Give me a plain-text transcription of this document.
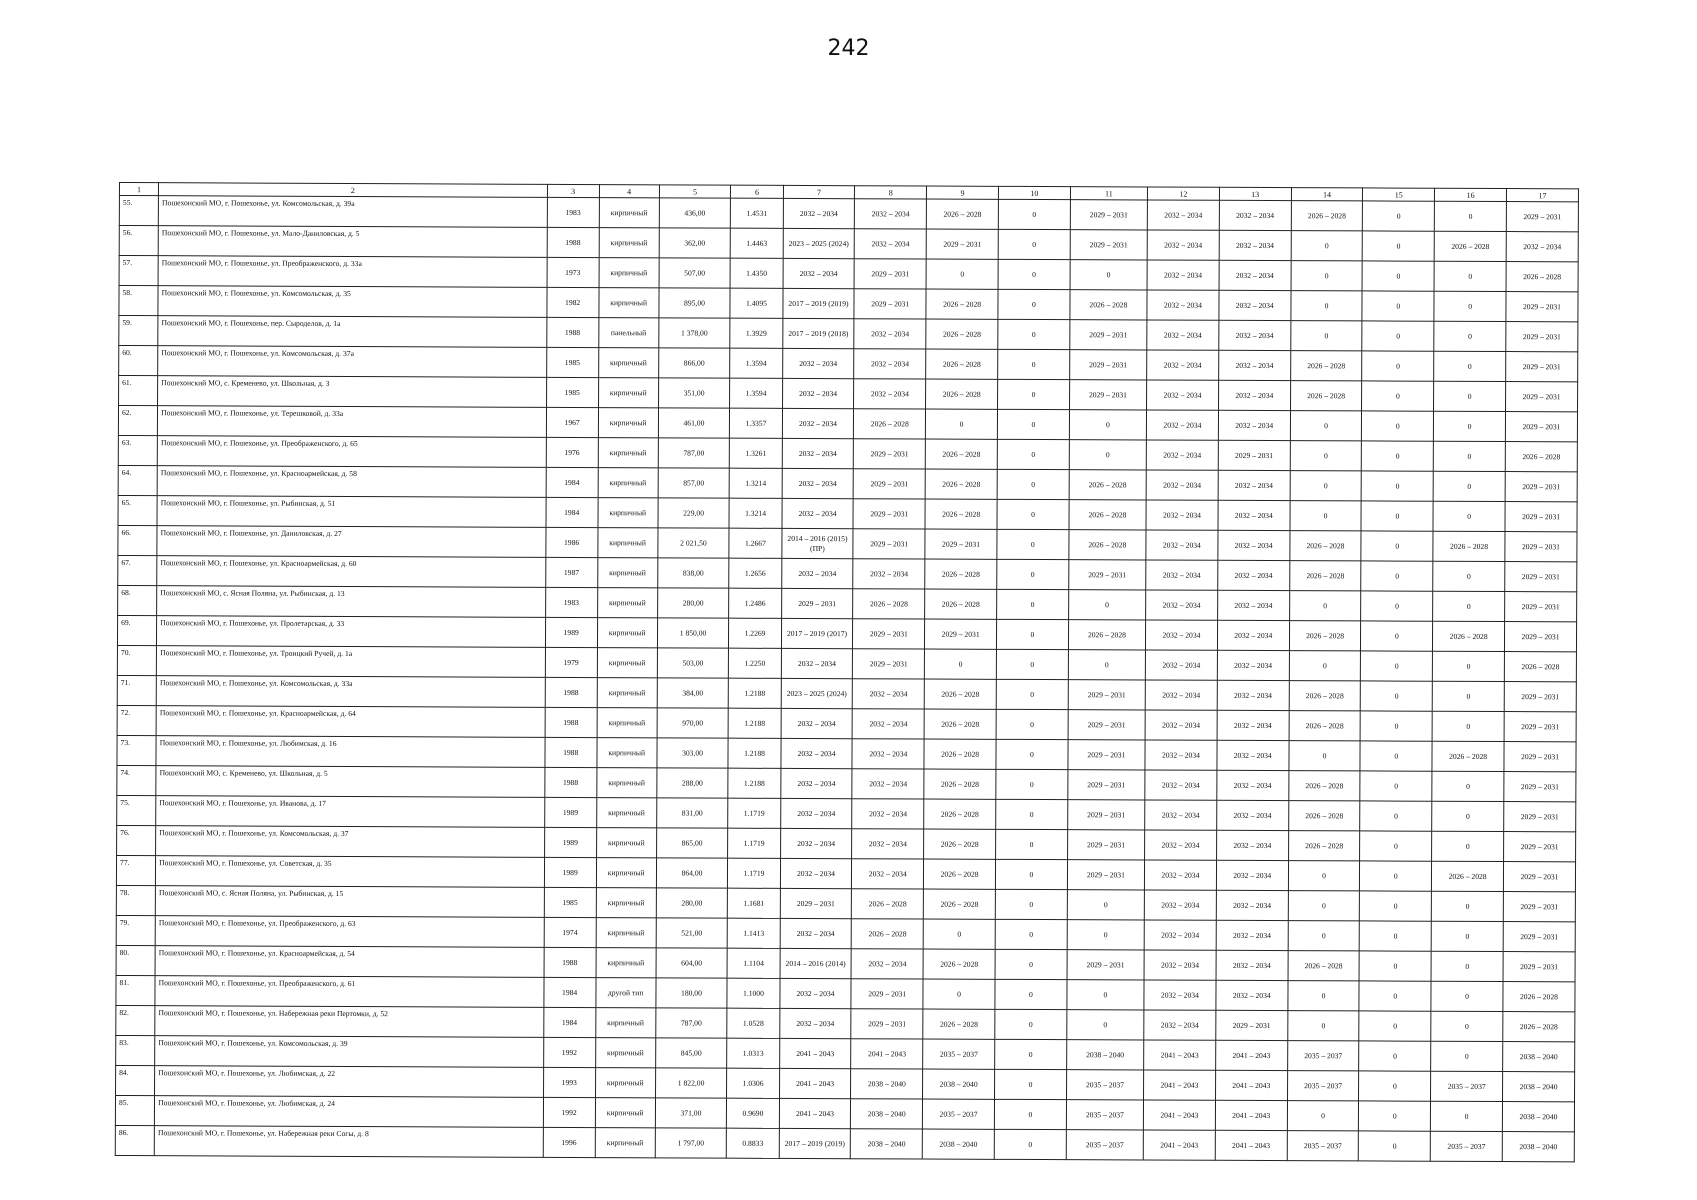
242
1	2	3	4	5	6	7	8	9	10	11	12	13	14	15	16	17
55.	Пошехонский МО, г. Пошехонье, ул. Комсомольская, д. 39а	1983	кирпичный	436,00	1.4531	2032 – 2034	2032 – 2034	2026 – 2028	0	2029 – 2031	2032 – 2034	2032 – 2034	2026 – 2028	0	0	2029 – 2031
56.	Пошехонский МО, г. Пошехонье, ул. Мало-Даниловская, д. 5	1988	кирпичный	362,00	1.4463	2023 – 2025 (2024)	2032 – 2034	2029 – 2031	0	2029 – 2031	2032 – 2034	2032 – 2034	0	0	2026 – 2028	2032 – 2034
57.	Пошехонский МО, г. Пошехонье, ул. Преображенского, д. 33а	1973	кирпичный	507,00	1.4350	2032 – 2034	2029 – 2031	0	0	0	2032 – 2034	2032 – 2034	0	0	0	2026 – 2028
58.	Пошехонский МО, г. Пошехонье, ул. Комсомольская, д. 35	1982	кирпичный	895,00	1.4095	2017 – 2019 (2019)	2029 – 2031	2026 – 2028	0	2026 – 2028	2032 – 2034	2032 – 2034	0	0	0	2029 – 2031
59.	Пошехонский МО, г. Пошехонье, пер. Сыроделов, д. 1а	1988	панельный	1 378,00	1.3929	2017 – 2019 (2018)	2032 – 2034	2026 – 2028	0	2029 – 2031	2032 – 2034	2032 – 2034	0	0	0	2029 – 2031
60.	Пошехонский МО, г. Пошехонье, ул. Комсомольская, д. 37а	1985	кирпичный	866,00	1.3594	2032 – 2034	2032 – 2034	2026 – 2028	0	2029 – 2031	2032 – 2034	2032 – 2034	2026 – 2028	0	0	2029 – 2031
61.	Пошехонский МО, с. Кременево, ул. Школьная, д. 3	1985	кирпичный	351,00	1.3594	2032 – 2034	2032 – 2034	2026 – 2028	0	2029 – 2031	2032 – 2034	2032 – 2034	2026 – 2028	0	0	2029 – 2031
62.	Пошехонский МО, г. Пошехонье, ул. Терешковой, д. 33а	1967	кирпичный	461,00	1.3357	2032 – 2034	2026 – 2028	0	0	0	2032 – 2034	2032 – 2034	0	0	0	2029 – 2031
63.	Пошехонский МО, г. Пошехонье, ул. Преображенского, д. 65	1976	кирпичный	787,00	1.3261	2032 – 2034	2029 – 2031	2026 – 2028	0	0	2032 – 2034	2029 – 2031	0	0	0	2026 – 2028
64.	Пошехонский МО, г. Пошехонье, ул. Красноармейская, д. 58	1984	кирпичный	857,00	1.3214	2032 – 2034	2029 – 2031	2026 – 2028	0	2026 – 2028	2032 – 2034	2032 – 2034	0	0	0	2029 – 2031
65.	Пошехонский МО, г. Пошехонье, ул. Рыбинская, д. 51	1984	кирпичный	229,00	1.3214	2032 – 2034	2029 – 2031	2026 – 2028	0	2026 – 2028	2032 – 2034	2032 – 2034	0	0	0	2029 – 2031
66.	Пошехонский МО, г. Пошехонье, ул. Даниловская, д. 27	1986	кирпичный	2 021,50	1.2667	2014 – 2016 (2015) (ПР)	2029 – 2031	2029 – 2031	0	2026 – 2028	2032 – 2034	2032 – 2034	2026 – 2028	0	2026 – 2028	2029 – 2031
67.	Пошехонский МО, г. Пошехонье, ул. Красноармейская, д. 60	1987	кирпичный	838,00	1.2656	2032 – 2034	2032 – 2034	2026 – 2028	0	2029 – 2031	2032 – 2034	2032 – 2034	2026 – 2028	0	0	2029 – 2031
68.	Пошехонский МО, с. Ясная Поляна, ул. Рыбинская, д. 13	1983	кирпичный	280,00	1.2486	2029 – 2031	2026 – 2028	2026 – 2028	0	0	2032 – 2034	2032 – 2034	0	0	0	2029 – 2031
69.	Пошехонский МО, г. Пошехонье, ул. Пролетарская, д. 33	1989	кирпичный	1 850,00	1.2269	2017 – 2019 (2017)	2029 – 2031	2029 – 2031	0	2026 – 2028	2032 – 2034	2032 – 2034	2026 – 2028	0	2026 – 2028	2029 – 2031
70.	Пошехонский МО, г. Пошехонье, ул. Троицкий Ручей, д. 1а	1979	кирпичный	503,00	1.2250	2032 – 2034	2029 – 2031	0	0	0	2032 – 2034	2032 – 2034	0	0	0	2026 – 2028
71.	Пошехонский МО, г. Пошехонье, ул. Комсомольская, д. 33а	1988	кирпичный	384,00	1.2188	2023 – 2025 (2024)	2032 – 2034	2026 – 2028	0	2029 – 2031	2032 – 2034	2032 – 2034	2026 – 2028	0	0	2029 – 2031
72.	Пошехонский МО, г. Пошехонье, ул. Красноармейская, д. 64	1988	кирпичный	970,00	1.2188	2032 – 2034	2032 – 2034	2026 – 2028	0	2029 – 2031	2032 – 2034	2032 – 2034	2026 – 2028	0	0	2029 – 2031
73.	Пошехонский МО, г. Пошехонье, ул. Любимская, д. 16	1988	кирпичный	303,00	1.2188	2032 – 2034	2032 – 2034	2026 – 2028	0	2029 – 2031	2032 – 2034	2032 – 2034	0	0	2026 – 2028	2029 – 2031
74.	Пошехонский МО, с. Кременево, ул. Школьная, д. 5	1988	кирпичный	288,00	1.2188	2032 – 2034	2032 – 2034	2026 – 2028	0	2029 – 2031	2032 – 2034	2032 – 2034	2026 – 2028	0	0	2029 – 2031
75.	Пошехонский МО, г. Пошехонье, ул. Иванова, д. 17	1989	кирпичный	831,00	1.1719	2032 – 2034	2032 – 2034	2026 – 2028	0	2029 – 2031	2032 – 2034	2032 – 2034	2026 – 2028	0	0	2029 – 2031
76.	Пошехонский МО, г. Пошехонье, ул. Комсомольская, д. 37	1989	кирпичный	865,00	1.1719	2032 – 2034	2032 – 2034	2026 – 2028	0	2029 – 2031	2032 – 2034	2032 – 2034	2026 – 2028	0	0	2029 – 2031
77.	Пошехонский МО, г. Пошехонье, ул. Советская, д. 35	1989	кирпичный	864,00	1.1719	2032 – 2034	2032 – 2034	2026 – 2028	0	2029 – 2031	2032 – 2034	2032 – 2034	0	0	2026 – 2028	2029 – 2031
78.	Пошехонский МО, с. Ясная Поляна, ул. Рыбинская, д. 15	1985	кирпичный	280,00	1.1681	2029 – 2031	2026 – 2028	2026 – 2028	0	0	2032 – 2034	2032 – 2034	0	0	0	2029 – 2031
79.	Пошехонский МО, г. Пошехонье, ул. Преображенского, д. 63	1974	кирпичный	521,00	1.1413	2032 – 2034	2026 – 2028	0	0	0	2032 – 2034	2032 – 2034	0	0	0	2029 – 2031
80.	Пошехонский МО, г. Пошехонье, ул. Красноармейская, д. 54	1988	кирпичный	604,00	1.1104	2014 – 2016 (2014)	2032 – 2034	2026 – 2028	0	2029 – 2031	2032 – 2034	2032 – 2034	2026 – 2028	0	0	2029 – 2031
81.	Пошехонский МО, г. Пошехонье, ул. Преображенского, д. 61	1984	другой тип	180,00	1.1000	2032 – 2034	2029 – 2031	0	0	0	2032 – 2034	2032 – 2034	0	0	0	2026 – 2028
82.	Пошехонский МО, г. Пошехонье, ул. Набережная реки Пертомки, д. 52	1984	кирпичный	787,00	1.0528	2032 – 2034	2029 – 2031	2026 – 2028	0	0	2032 – 2034	2029 – 2031	0	0	0	2026 – 2028
83.	Пошехонский МО, г. Пошехонье, ул. Комсомольская, д. 39	1992	кирпичный	845,00	1.0313	2041 – 2043	2041 – 2043	2035 – 2037	0	2038 – 2040	2041 – 2043	2041 – 2043	2035 – 2037	0	0	2038 – 2040
84.	Пошехонский МО, г. Пошехонье, ул. Любимская, д. 22	1993	кирпичный	1 822,00	1.0306	2041 – 2043	2038 – 2040	2038 – 2040	0	2035 – 2037	2041 – 2043	2041 – 2043	2035 – 2037	0	2035 – 2037	2038 – 2040
85.	Пошехонский МО, г. Пошехонье, ул. Любимская, д. 24	1992	кирпичный	371,00	0.9690	2041 – 2043	2038 – 2040	2035 – 2037	0	2035 – 2037	2041 – 2043	2041 – 2043	0	0	0	2038 – 2040
86.	Пошехонский МО, г. Пошехонье, ул. Набережная реки Согы, д. 8	1996	кирпичный	1 797,00	0.8833	2017 – 2019 (2019)	2038 – 2040	2038 – 2040	0	2035 – 2037	2041 – 2043	2041 – 2043	2035 – 2037	0	2035 – 2037	2038 – 2040
